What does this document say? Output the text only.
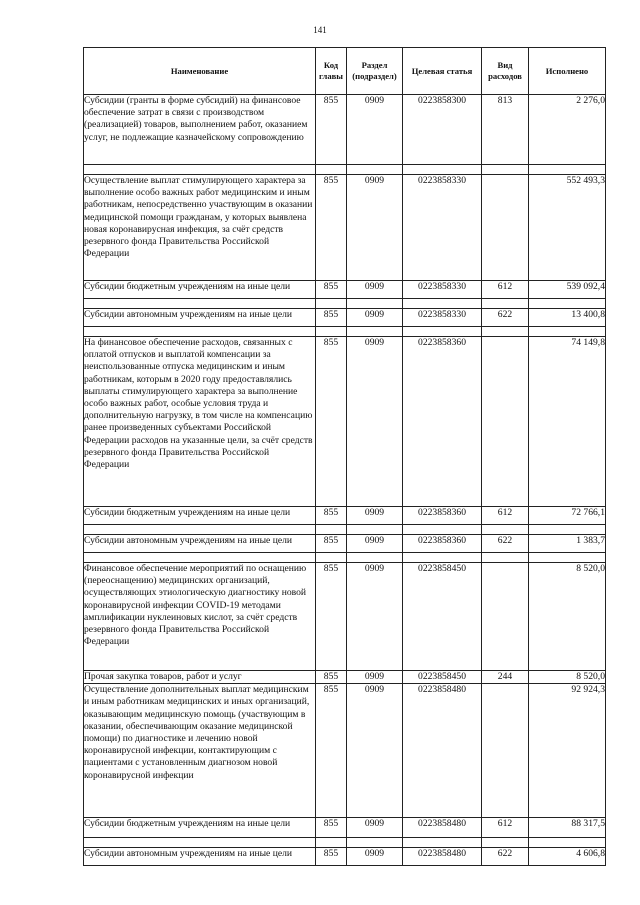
141
Наименование	Код главы	Раздел (подраздел)	Целевая статья	Вид расходов	Исполнено
Субсидии (гранты в форме субсидий) на финансовое обеспечение затрат в связи с производством (реализацией) товаров, выполнением работ, оказанием услуг, не подлежащие казначейскому сопровождению	855	0909	0223858300	813	2 276,0

Осуществление выплат стимулирующего характера за выполнение особо важных работ медицинским и иным работникам, непосредственно участвующим в оказании медицинской помощи гражданам, у которых выявлена новая коронавирусная инфекция, за счёт средств резервного фонда Правительства Российской Федерации	855	0909	0223858330		552 493,3
Субсидии бюджетным учреждениям на иные цели	855	0909	0223858330	612	539 092,4

Субсидии автономным учреждениям на иные цели	855	0909	0223858330	622	13 400,8

На финансовое обеспечение расходов, связанных с оплатой отпусков и выплатой компенсации за неиспользованные отпуска медицинским и иным работникам, которым в 2020 году предоставлялись выплаты стимулирующего характера за выполнение особо важных работ, особые условия труда и дополнительную нагрузку, в том числе на компенсацию ранее произведенных субъектами Российской Федерации расходов на указанные цели, за счёт средств резервного фонда Правительства Российской Федерации	855	0909	0223858360		74 149,8
Субсидии бюджетным учреждениям на иные цели	855	0909	0223858360	612	72 766,1

Субсидии автономным учреждениям на иные цели	855	0909	0223858360	622	1 383,7

Финансовое обеспечение мероприятий по оснащению (переоснащению) медицинских организаций, осуществляющих этиологическую диагностику новой коронавирусной инфекции COVID-19 методами амплификации нуклеиновых кислот, за счёт средств резервного фонда Правительства Российской Федерации	855	0909	0223858450		8 520,0
Прочая закупка товаров, работ и услуг	855	0909	0223858450	244	8 520,0
Осуществление дополнительных выплат медицинским и иным работникам медицинских и иных организаций, оказывающим медицинскую помощь (участвующим в оказании, обеспечивающим оказание медицинской помощи) по диагностике и лечению новой коронавирусной инфекции, контактирующим с пациентами с установленным диагнозом новой коронавирусной инфекции	855	0909	0223858480		92 924,3
Субсидии бюджетным учреждениям на иные цели	855	0909	0223858480	612	88 317,5

Субсидии автономным учреждениям на иные цели	855	0909	0223858480	622	4 606,8
